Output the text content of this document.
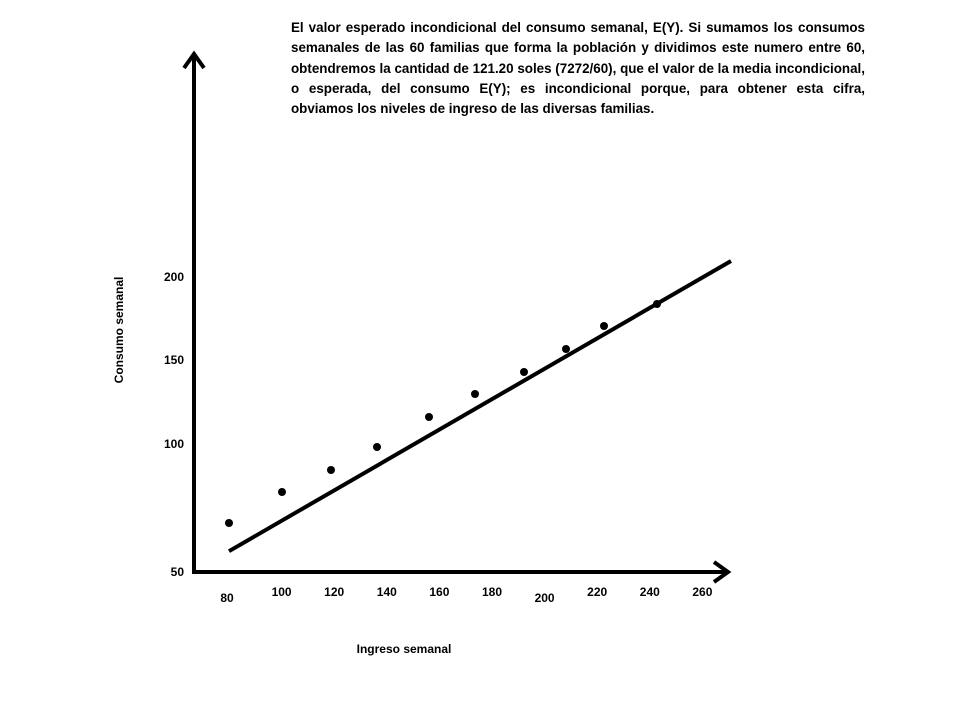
El valor esperado incondicional del consumo semanal, E(Y). Si sumamos los consumos semanales de las 60 familias que forma la población y dividimos este numero entre 60, obtendremos la cantidad de 121.20 soles (7272/60), que el valor de la media incondicional, o esperada, del consumo E(Y); es incondicional porque, para obtener esta cifra, obviamos los niveles de ingreso de las diversas familias.

80	100	120	140	160	180	200	220	240	260
50
100
150
200
Consumo semanal
Ingreso semanal
